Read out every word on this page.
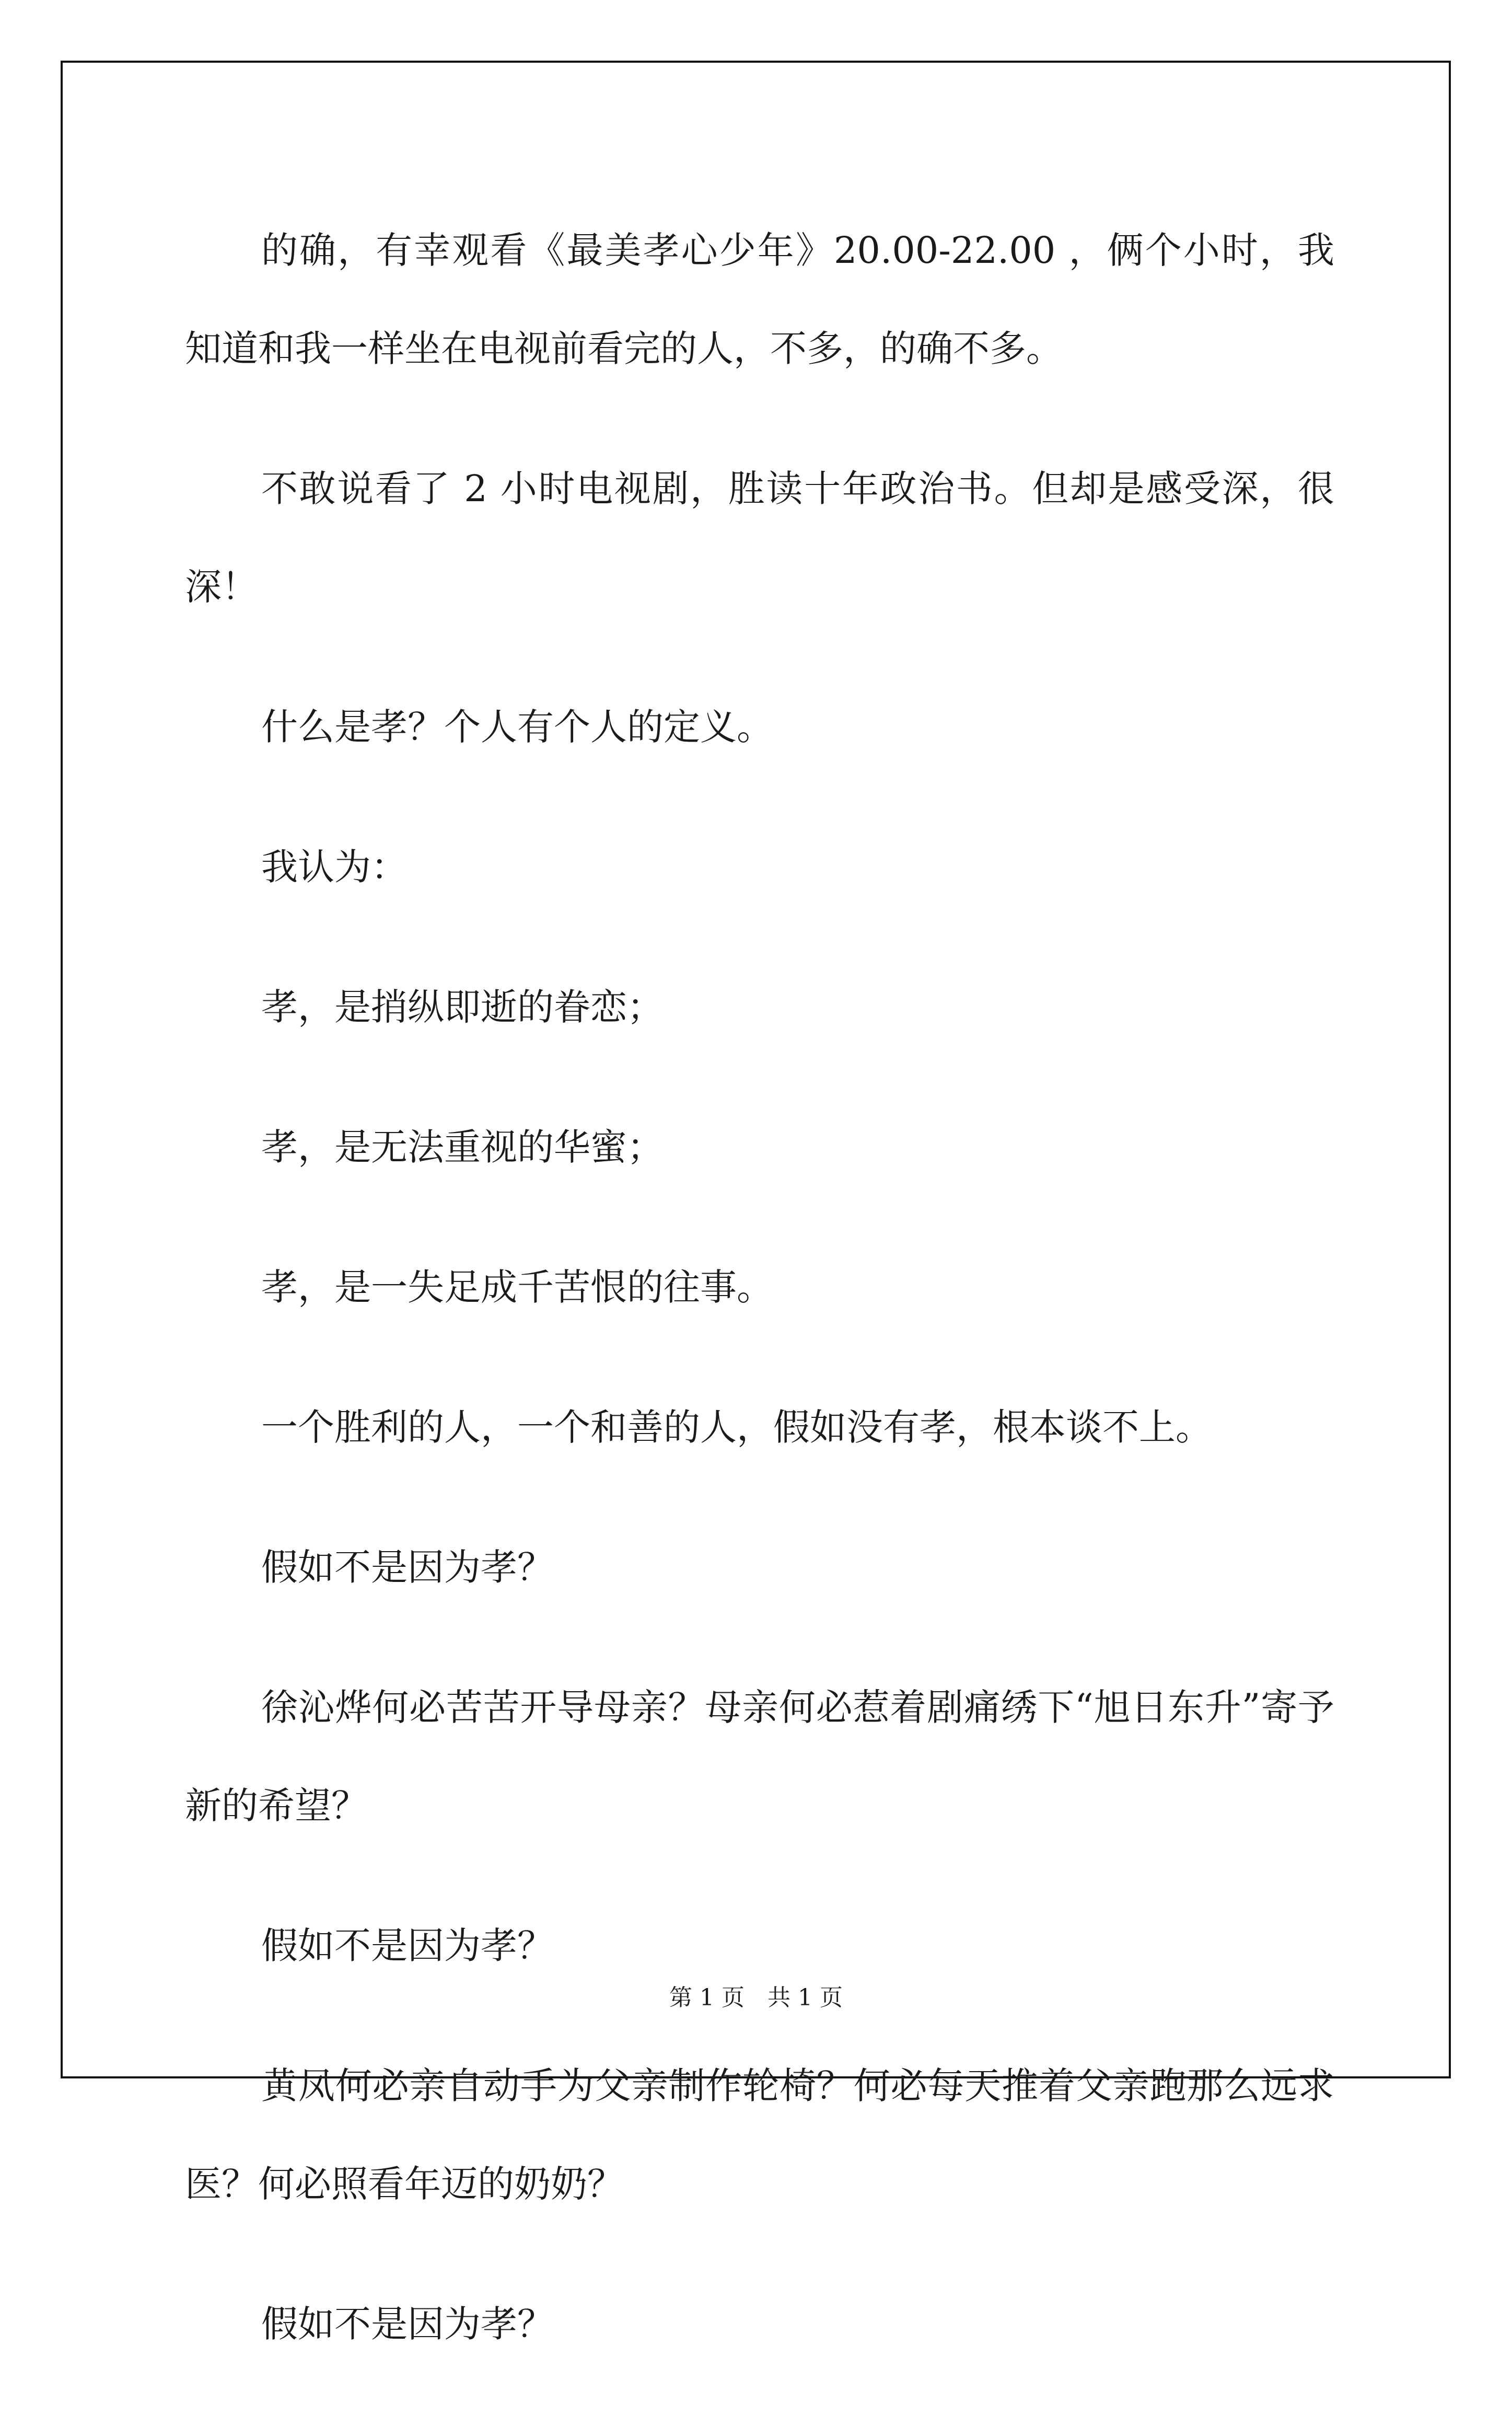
的确，有幸观看《最美孝心少年》20.00-22.00 ，俩个小时，我知道和我一样坐在电视前看完的人，不多，的确不多。

不敢说看了 2 小时电视剧，胜读十年政治书。但却是感受深，很深！

什么是孝？个人有个人的定义。

我认为：

孝，是捎纵即逝的眷恋；

孝，是无法重视的华蜜；

孝，是一失足成千苦恨的往事。

一个胜利的人，一个和善的人，假如没有孝，根本谈不上。

假如不是因为孝？

徐沁烨何必苦苦开导母亲？母亲何必惹着剧痛绣下“旭日东升”寄予新的希望？

假如不是因为孝？

黄凤何必亲自动手为父亲制作轮椅？何必每天推着父亲跑那么远求医？何必照看年迈的奶奶？

假如不是因为孝？

第 1 页　共 1 页
